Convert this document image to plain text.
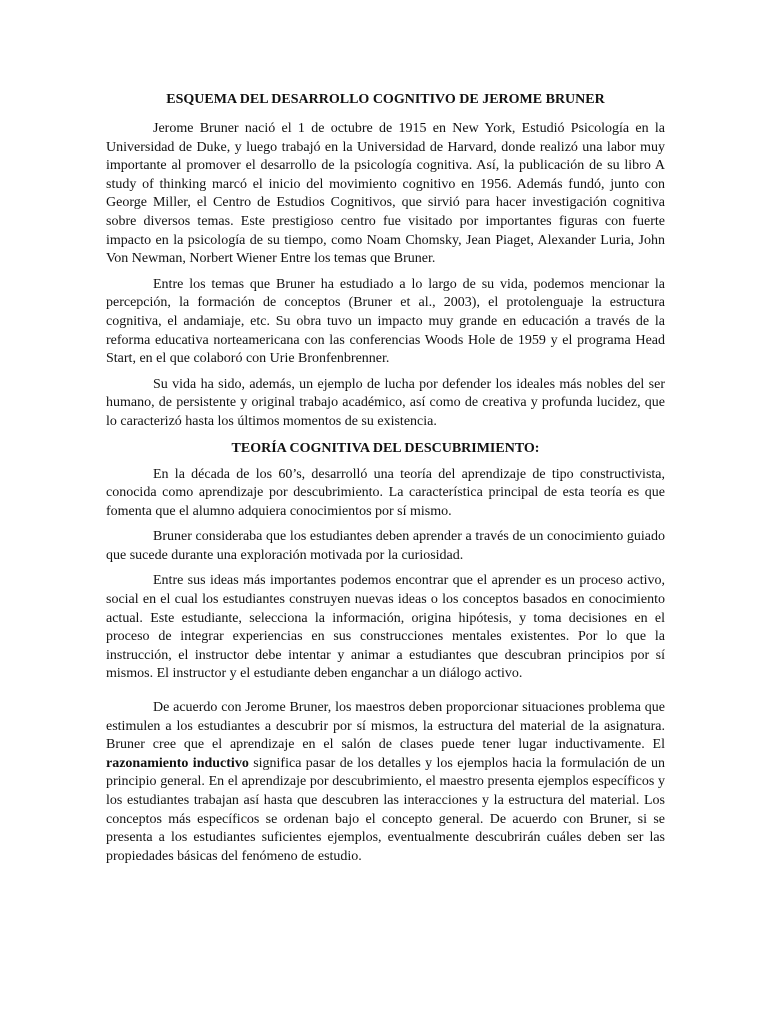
ESQUEMA DEL DESARROLLO COGNITIVO DE JEROME BRUNER

Jerome Bruner nació el 1 de octubre de 1915 en New York, Estudió Psicología en la Universidad de Duke, y luego trabajó en la Universidad de Harvard, donde realizó una labor muy importante al promover el desarrollo de la psicología cognitiva. Así, la publicación de su libro A study of thinking marcó el inicio del movimiento cognitivo en 1956. Además fundó, junto con George Miller, el Centro de Estudios Cognitivos, que sirvió para hacer investigación cognitiva sobre diversos temas. Este prestigioso centro fue visitado por importantes figuras con fuerte impacto en la psicología de su tiempo, como Noam Chomsky, Jean Piaget, Alexander Luria, John Von Newman, Norbert Wiener Entre los temas que Bruner.

Entre los temas que Bruner ha estudiado a lo largo de su vida, podemos mencionar la percepción, la formación de conceptos (Bruner et al., 2003), el protolenguaje la estructura cognitiva, el andamiaje, etc. Su obra tuvo un impacto muy grande en educación a través de la reforma educativa norteamericana con las conferencias Woods Hole de 1959 y el programa Head Start, en el que colaboró con Urie Bronfenbrenner.

Su vida ha sido, además, un ejemplo de lucha por defender los ideales más nobles del ser humano, de persistente y original trabajo académico, así como de creativa y profunda lucidez, que lo caracterizó hasta los últimos momentos de su existencia.

TEORÍA COGNITIVA DEL DESCUBRIMIENTO:

En la década de los 60’s, desarrolló una teoría del aprendizaje de tipo constructivista, conocida como aprendizaje por descubrimiento. La característica principal de esta teoría es que fomenta que el alumno adquiera conocimientos por sí mismo.

Bruner consideraba que los estudiantes deben aprender a través de un conocimiento guiado que sucede durante una exploración motivada por la curiosidad.

Entre sus ideas más importantes podemos encontrar que el aprender es un proceso activo, social en el cual los estudiantes construyen nuevas ideas o los conceptos basados en conocimiento actual. Este estudiante, selecciona la información, origina hipótesis, y toma decisiones en el proceso de integrar experiencias en sus construcciones mentales existentes. Por lo que la instrucción, el instructor debe intentar y animar a estudiantes que descubran principios por sí mismos. El instructor y el estudiante deben enganchar a un diálogo activo.

De acuerdo con Jerome Bruner, los maestros deben proporcionar situaciones problema que estimulen a los estudiantes a descubrir por sí mismos, la estructura del material de la asignatura. Bruner cree que el aprendizaje en el salón de clases puede tener lugar inductivamente. El razonamiento inductivo significa pasar de los detalles y los ejemplos hacia la formulación de un principio general. En el aprendizaje por descubrimiento, el maestro presenta ejemplos específicos y los estudiantes trabajan así hasta que descubren las interacciones y la estructura del material. Los conceptos más específicos se ordenan bajo el concepto general. De acuerdo con Bruner, si se presenta a los estudiantes suficientes ejemplos, eventualmente descubrirán cuáles deben ser las propiedades básicas del fenómeno de estudio.
